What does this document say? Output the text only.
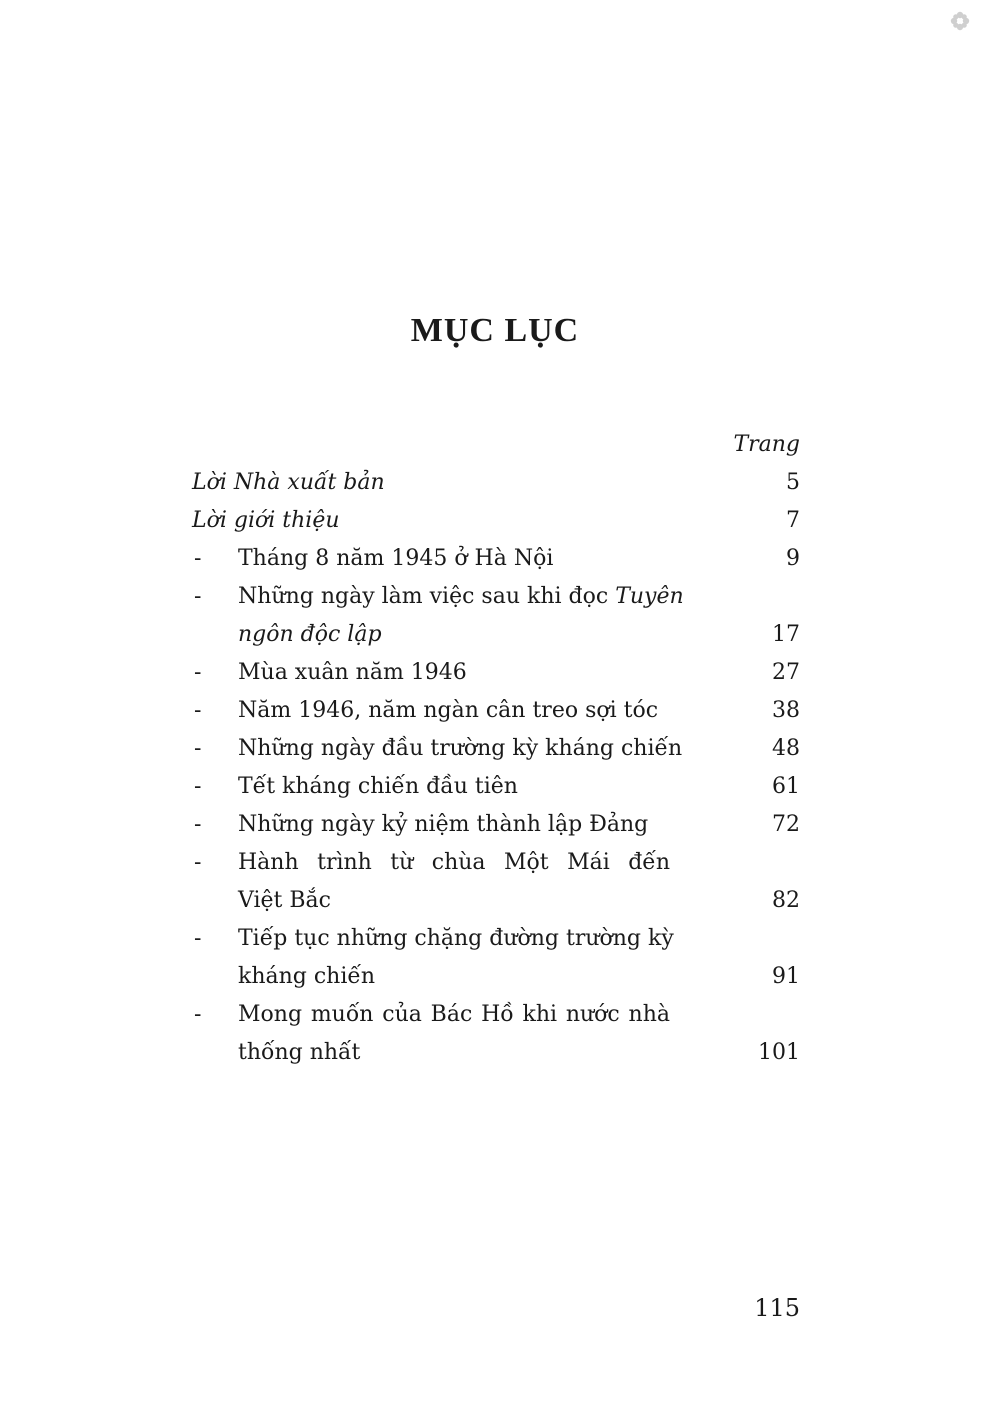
MỤC LỤC
Trang
Lời Nhà xuất bản	5
Lời giới thiệu	7
-	Tháng 8 năm 1945 ở Hà Nội	9
-	Những ngày làm việc sau khi đọc Tuyên
ngôn độc lập	17
-	Mùa xuân năm 1946	27
-	Năm 1946, năm ngàn cân treo sợi tóc	38
-	Những ngày đầu trường kỳ kháng chiến	48
-	Tết kháng chiến đầu tiên	61
-	Những ngày kỷ niệm thành lập Đảng	72
-	Hành trình từ chùa Một Mái đến
Việt Bắc	82
-	Tiếp tục những chặng đường trường kỳ
kháng chiến	91
-	Mong muốn của Bác Hồ khi nước nhà
thống nhất	101
115
